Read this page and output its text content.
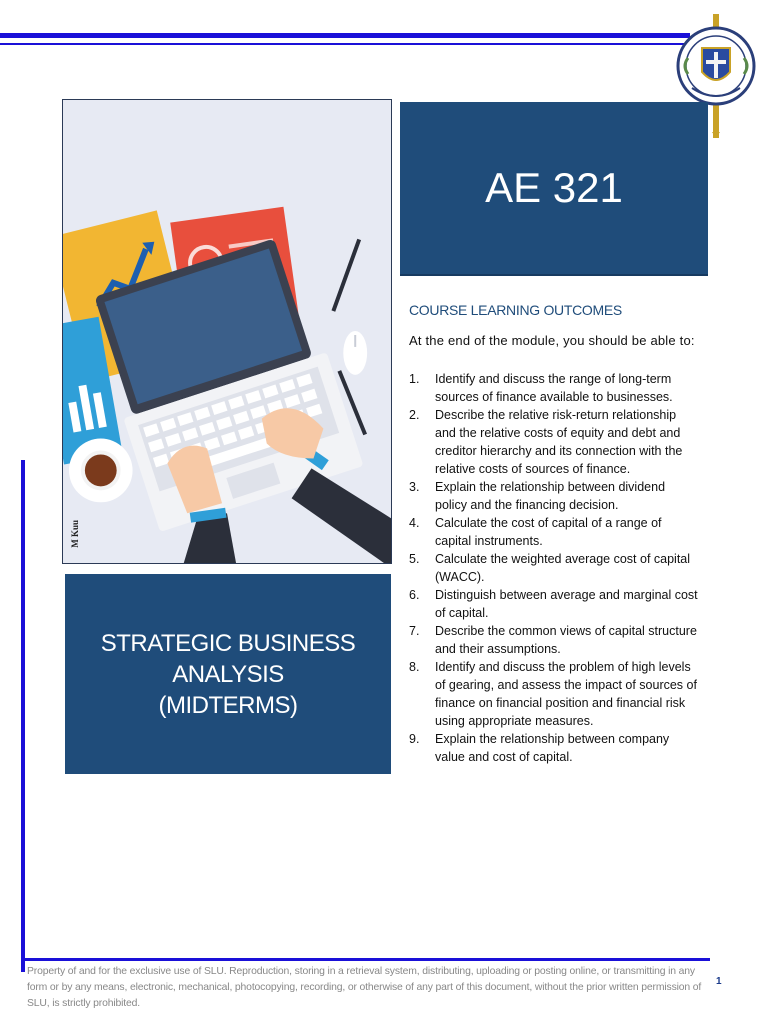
M Kuu
AE 321
STRATEGIC BUSINESS
ANALYSIS
(MIDTERMS)
COURSE LEARNING OUTCOMES
At the end of the module, you should be able to:
1.	Identify and discuss the range of long-term sources of finance available to businesses.
2.	Describe the relative risk-return relationship and the relative costs of equity and debt and creditor hierarchy and its connection with the relative costs of sources of finance.
3.	Explain the relationship between dividend policy and the financing decision.
4.	Calculate the cost of capital of a range of capital instruments.
5.	Calculate the weighted average cost of capital (WACC).
6.	Distinguish between average and marginal cost of capital.
7.	Describe the common views of capital structure and their assumptions.
8.	Identify and discuss the problem of high levels of gearing, and assess the impact of sources of finance on financial position and financial risk using appropriate measures.
9.	Explain the relationship between company value and cost of capital.
Property of and for the exclusive use of SLU. Reproduction, storing in a retrieval system, distributing, uploading or posting online, or transmitting in any form or by any means, electronic, mechanical, photocopying, recording, or otherwise of any part of this document, without the prior written permission of SLU, is strictly prohibited.
1
